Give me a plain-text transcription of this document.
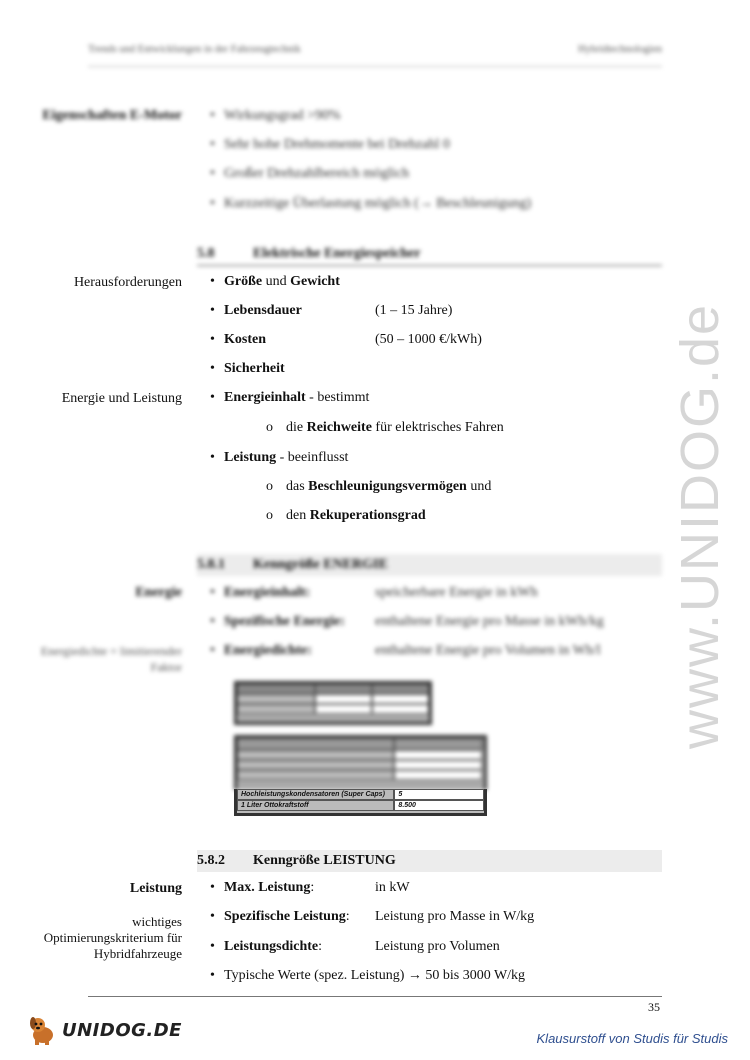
www.UNIDOG.de
Trends und Entwicklungen in der Fahrzeugtechnik	Hybridtechnologien
Eigenschaften E-Motor • Wirkungsgrad >90%
• Sehr hohe Drehmomente bei Drehzahl 0
• Großer Drehzahlbereich möglich
• Kurzzeitige Überlastung möglich (→ Beschleunigung)
5.8	Elektrische Energiespeicher
Herausforderungen • Größe und Gewicht
• Lebensdauer	(1 – 15 Jahre)
• Kosten	(50 – 1000 €/kWh)
• Sicherheit
Energie und Leistung • Energieinhalt - bestimmt
o die Reichweite für elektrisches Fahren
• Leistung - beeinflusst
o das Beschleunigungsvermögen und
o den Rekuperationsgrad
5.8.1	Kenngröße ENERGIE
Energie
Energiedichte = limitierender Faktor
• Energieinhalt:	speicherbare Energie in kWh
• Spezifische Energie: enthaltene Energie pro Masse in kWh/kg
• Energiedichte:	enthaltene Energie pro Volumen in Wh/l
Hochleistungskondensatoren (Super Caps)	5
1 Liter Ottokraftstoff	8.500
5.8.2	Kenngröße LEISTUNG
Leistung
wichtiges Optimierungskriterium für Hybridfahrzeuge
• Max. Leistung:	in kW
• Spezifische Leistung: Leistung pro Masse in W/kg
• Leistungsdichte:	Leistung pro Volumen
• Typische Werte (spez. Leistung) → 50 bis 3000 W/kg
35
UNIDOG.DE	Klausurstoff von Studis für Studis
